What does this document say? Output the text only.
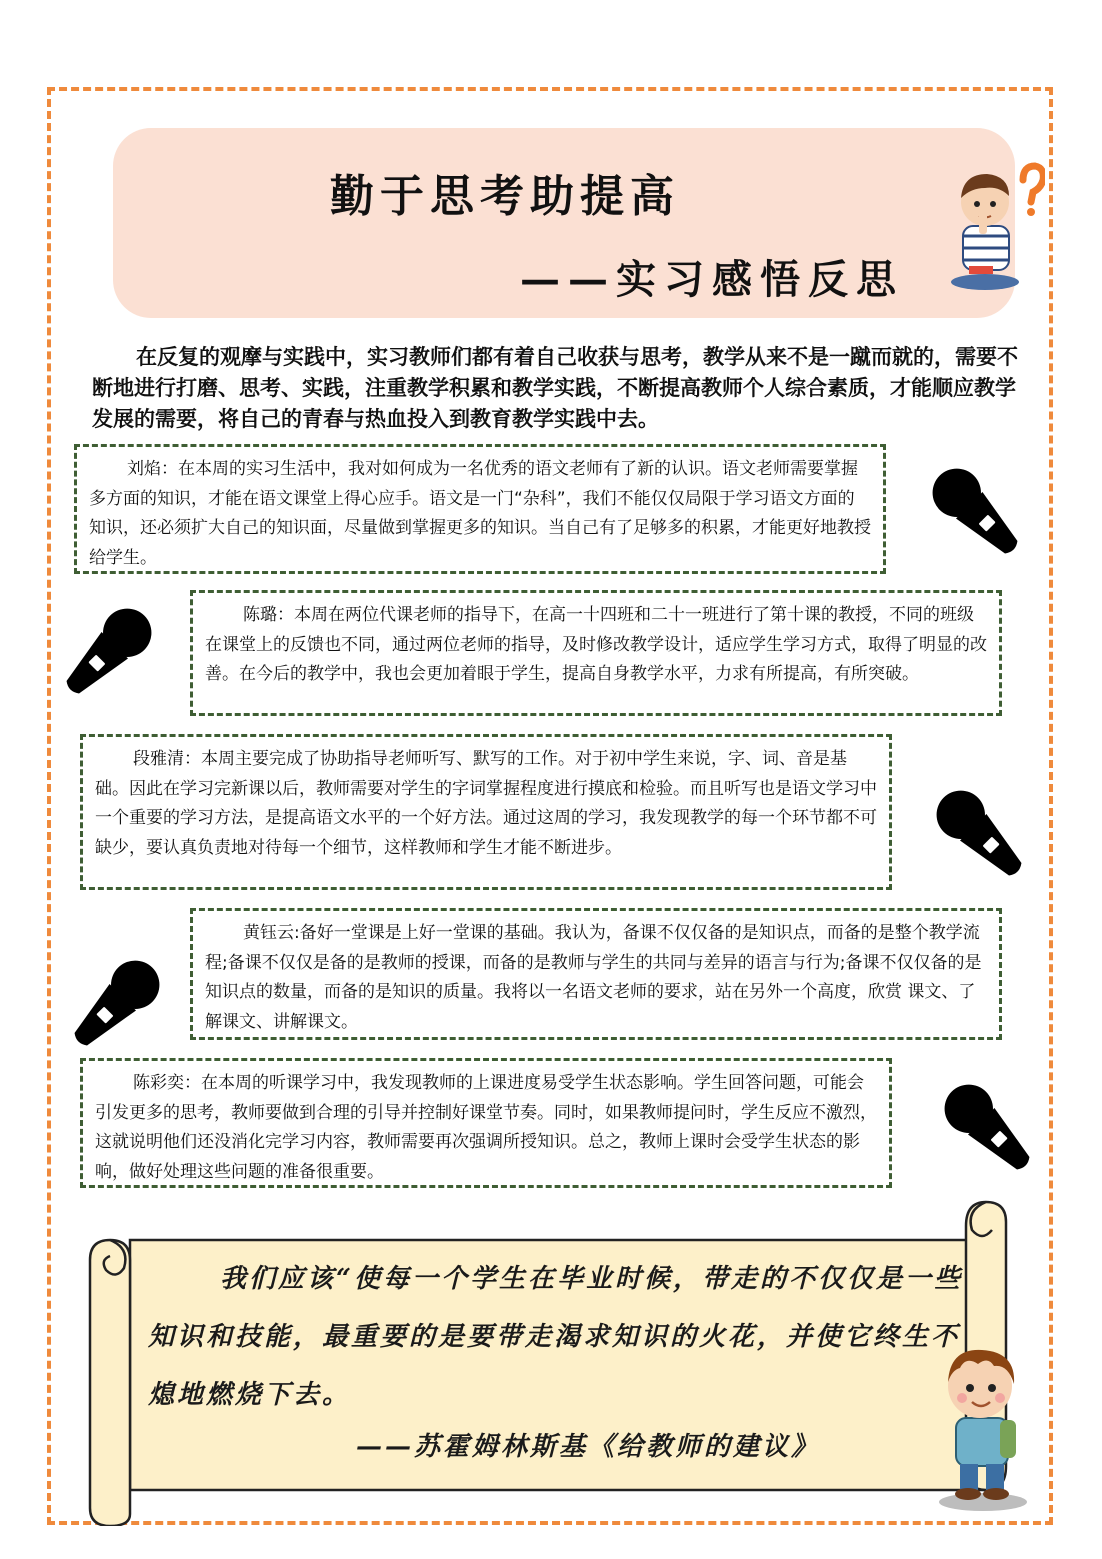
勤于思考助提高
——实习感悟反思

在反复的观摩与实践中，实习教师们都有着自己收获与思考，教学从来不是一蹴而就的，需要不断地进行打磨、思考、实践，注重教学积累和教学实践，不断提高教师个人综合素质，才能顺应教学发展的需要，将自己的青春与热血投入到教育教学实践中去。

刘焰：在本周的实习生活中，我对如何成为一名优秀的语文老师有了新的认识。语文老师需要掌握多方面的知识，才能在语文课堂上得心应手。语文是一门“杂科”，我们不能仅仅局限于学习语文方面的知识，还必须扩大自己的知识面，尽量做到掌握更多的知识。当自己有了足够多的积累，才能更好地教授给学生。

陈璐：本周在两位代课老师的指导下，在高一十四班和二十一班进行了第十课的教授，不同的班级在课堂上的反馈也不同，通过两位老师的指导，及时修改教学设计，适应学生学习方式，取得了明显的改善。在今后的教学中，我也会更加着眼于学生，提高自身教学水平，力求有所提高，有所突破。

段雅清：本周主要完成了协助指导老师听写、默写的工作。对于初中学生来说，字、词、音是基础。因此在学习完新课以后，教师需要对学生的字词掌握程度进行摸底和检验。而且听写也是语文学习中一个重要的学习方法，是提高语文水平的一个好方法。通过这周的学习，我发现教学的每一个环节都不可缺少，要认真负责地对待每一个细节，这样教师和学生才能不断进步。

黄钰云:备好一堂课是上好一堂课的基础。我认为，备课不仅仅备的是知识点，而备的是整个教学流程;备课不仅仅是备的是教师的授课，而备的是教师与学生的共同与差异的语言与行为;备课不仅仅备的是知识点的数量，而备的是知识的质量。我将以一名语文老师的要求，站在另外一个高度，欣赏 课文、了 解课文、讲解课文。

陈彩奕：在本周的听课学习中，我发现教师的上课进度易受学生状态影响。学生回答问题，可能会引发更多的思考，教师要做到合理的引导并控制好课堂节奏。同时，如果教师提问时，学生反应不激烈，这就说明他们还没消化完学习内容，教师需要再次强调所授知识。总之，教师上课时会受学生状态的影响，做好处理这些问题的准备很重要。

我们应该“使每一个学生在毕业时候，带走的不仅仅是一些知识和技能，最重要的是要带走渴求知识的火花，并使它终生不熄地燃烧下去。

——苏霍姆林斯基《给教师的建议》
